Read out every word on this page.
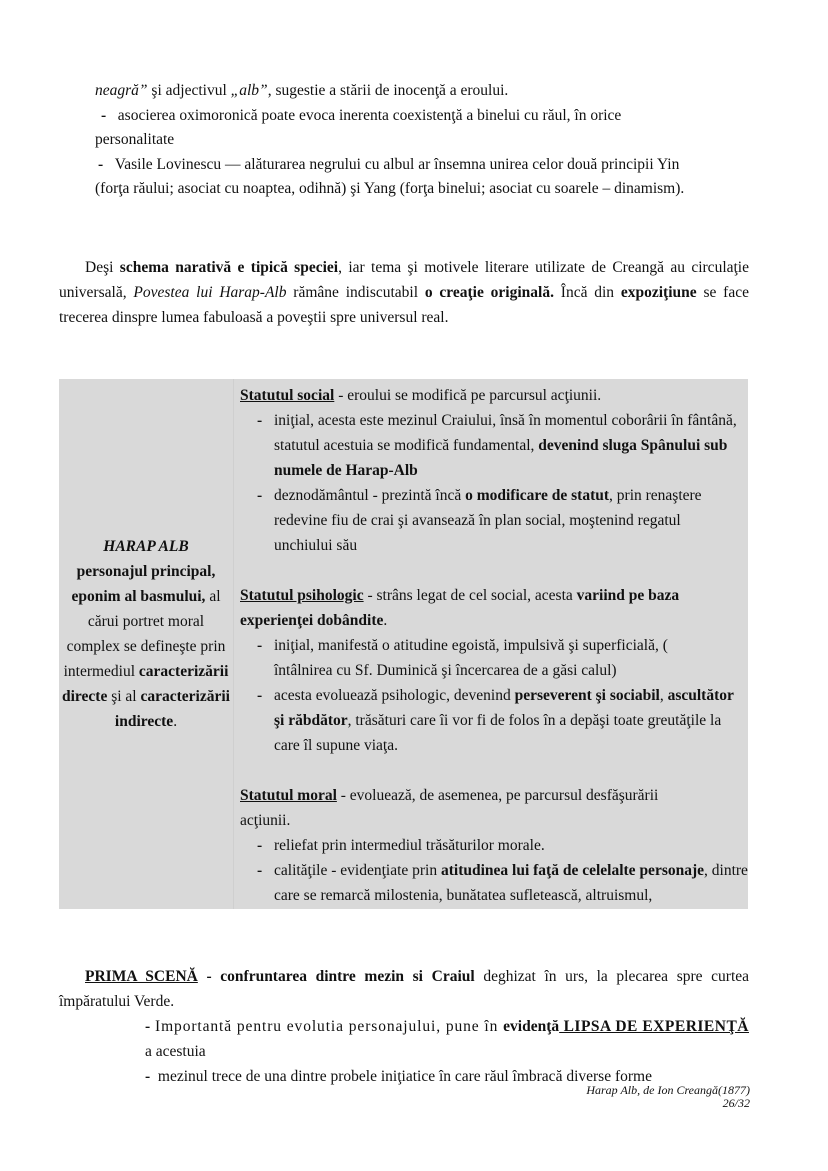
neagră” şi adjectivul „alb”, sugestie a stării de inocenţă a eroului.
- asocierea oximoronică poate evoca inerenta coexistenţă a binelui cu răul, în orice
personalitate
- Vasile Lovinescu — alăturarea negrului cu albul ar însemna unirea celor două principii Yin
(forţa răului; asociat cu noaptea, odihnă) şi Yang (forţa binelui; asociat cu soarele – dinamism).
Deşi schema narativă e tipică speciei, iar tema şi motivele literare utilizate de Creangă au circulaţie universală, Povestea lui Harap-Alb rămâne indiscutabil o creaţie originală. Încă din expoziţiune se face trecerea dinspre lumea fabuloasă a poveştii spre universul real.
HARAP ALB
personajul principal, eponim al basmului, al cărui portret moral complex se defineşte prin intermediul caracterizării directe şi al caracterizării indirecte.
Statutul social - eroului se modifică pe parcursul acţiunii.
- iniţial, acesta este mezinul Craiului, însă în momentul coborârii în fântână, statutul acestuia se modifică fundamental, devenind sluga Spânului sub numele de Harap-Alb
- deznodământul - prezintă încă o modificare de statut, prin renaştere redevine fiu de crai şi avansează în plan social, moştenind regatul unchiului său
Statutul psihologic - strâns legat de cel social, acesta variind pe baza experienţei dobândite.
- iniţial, manifestă o atitudine egoistă, impulsivă şi superficială, ( întâlnirea cu Sf. Duminică şi încercarea de a găsi calul)
- acesta evoluează psihologic, devenind perseverent şi sociabil, ascultător şi răbdător, trăsături care îi vor fi de folos în a depăşi toate greutăţile la care îl supune viaţa.
Statutul moral - evoluează, de asemenea, pe parcursul desfăşurării acţiunii.
- reliefat prin intermediul trăsăturilor morale.
- calităţile - evidenţiate prin atitudinea lui faţă de celelalte personaje, dintre care se remarcă milostenia, bunătatea sufletească, altruismul,
PRIMA SCENĂ - confruntarea dintre mezin si Craiul deghizat în urs, la plecarea spre curtea împăratului Verde.
- Importantă pentru evolutia personajului, pune în evidenţă LIPSA DE EXPERIENŢĂ a acestuia
-  mezinul trece de una dintre probele iniţiatice în care răul îmbracă diverse forme
Harap Alb, de Ion Creangă(1877)
26/32
